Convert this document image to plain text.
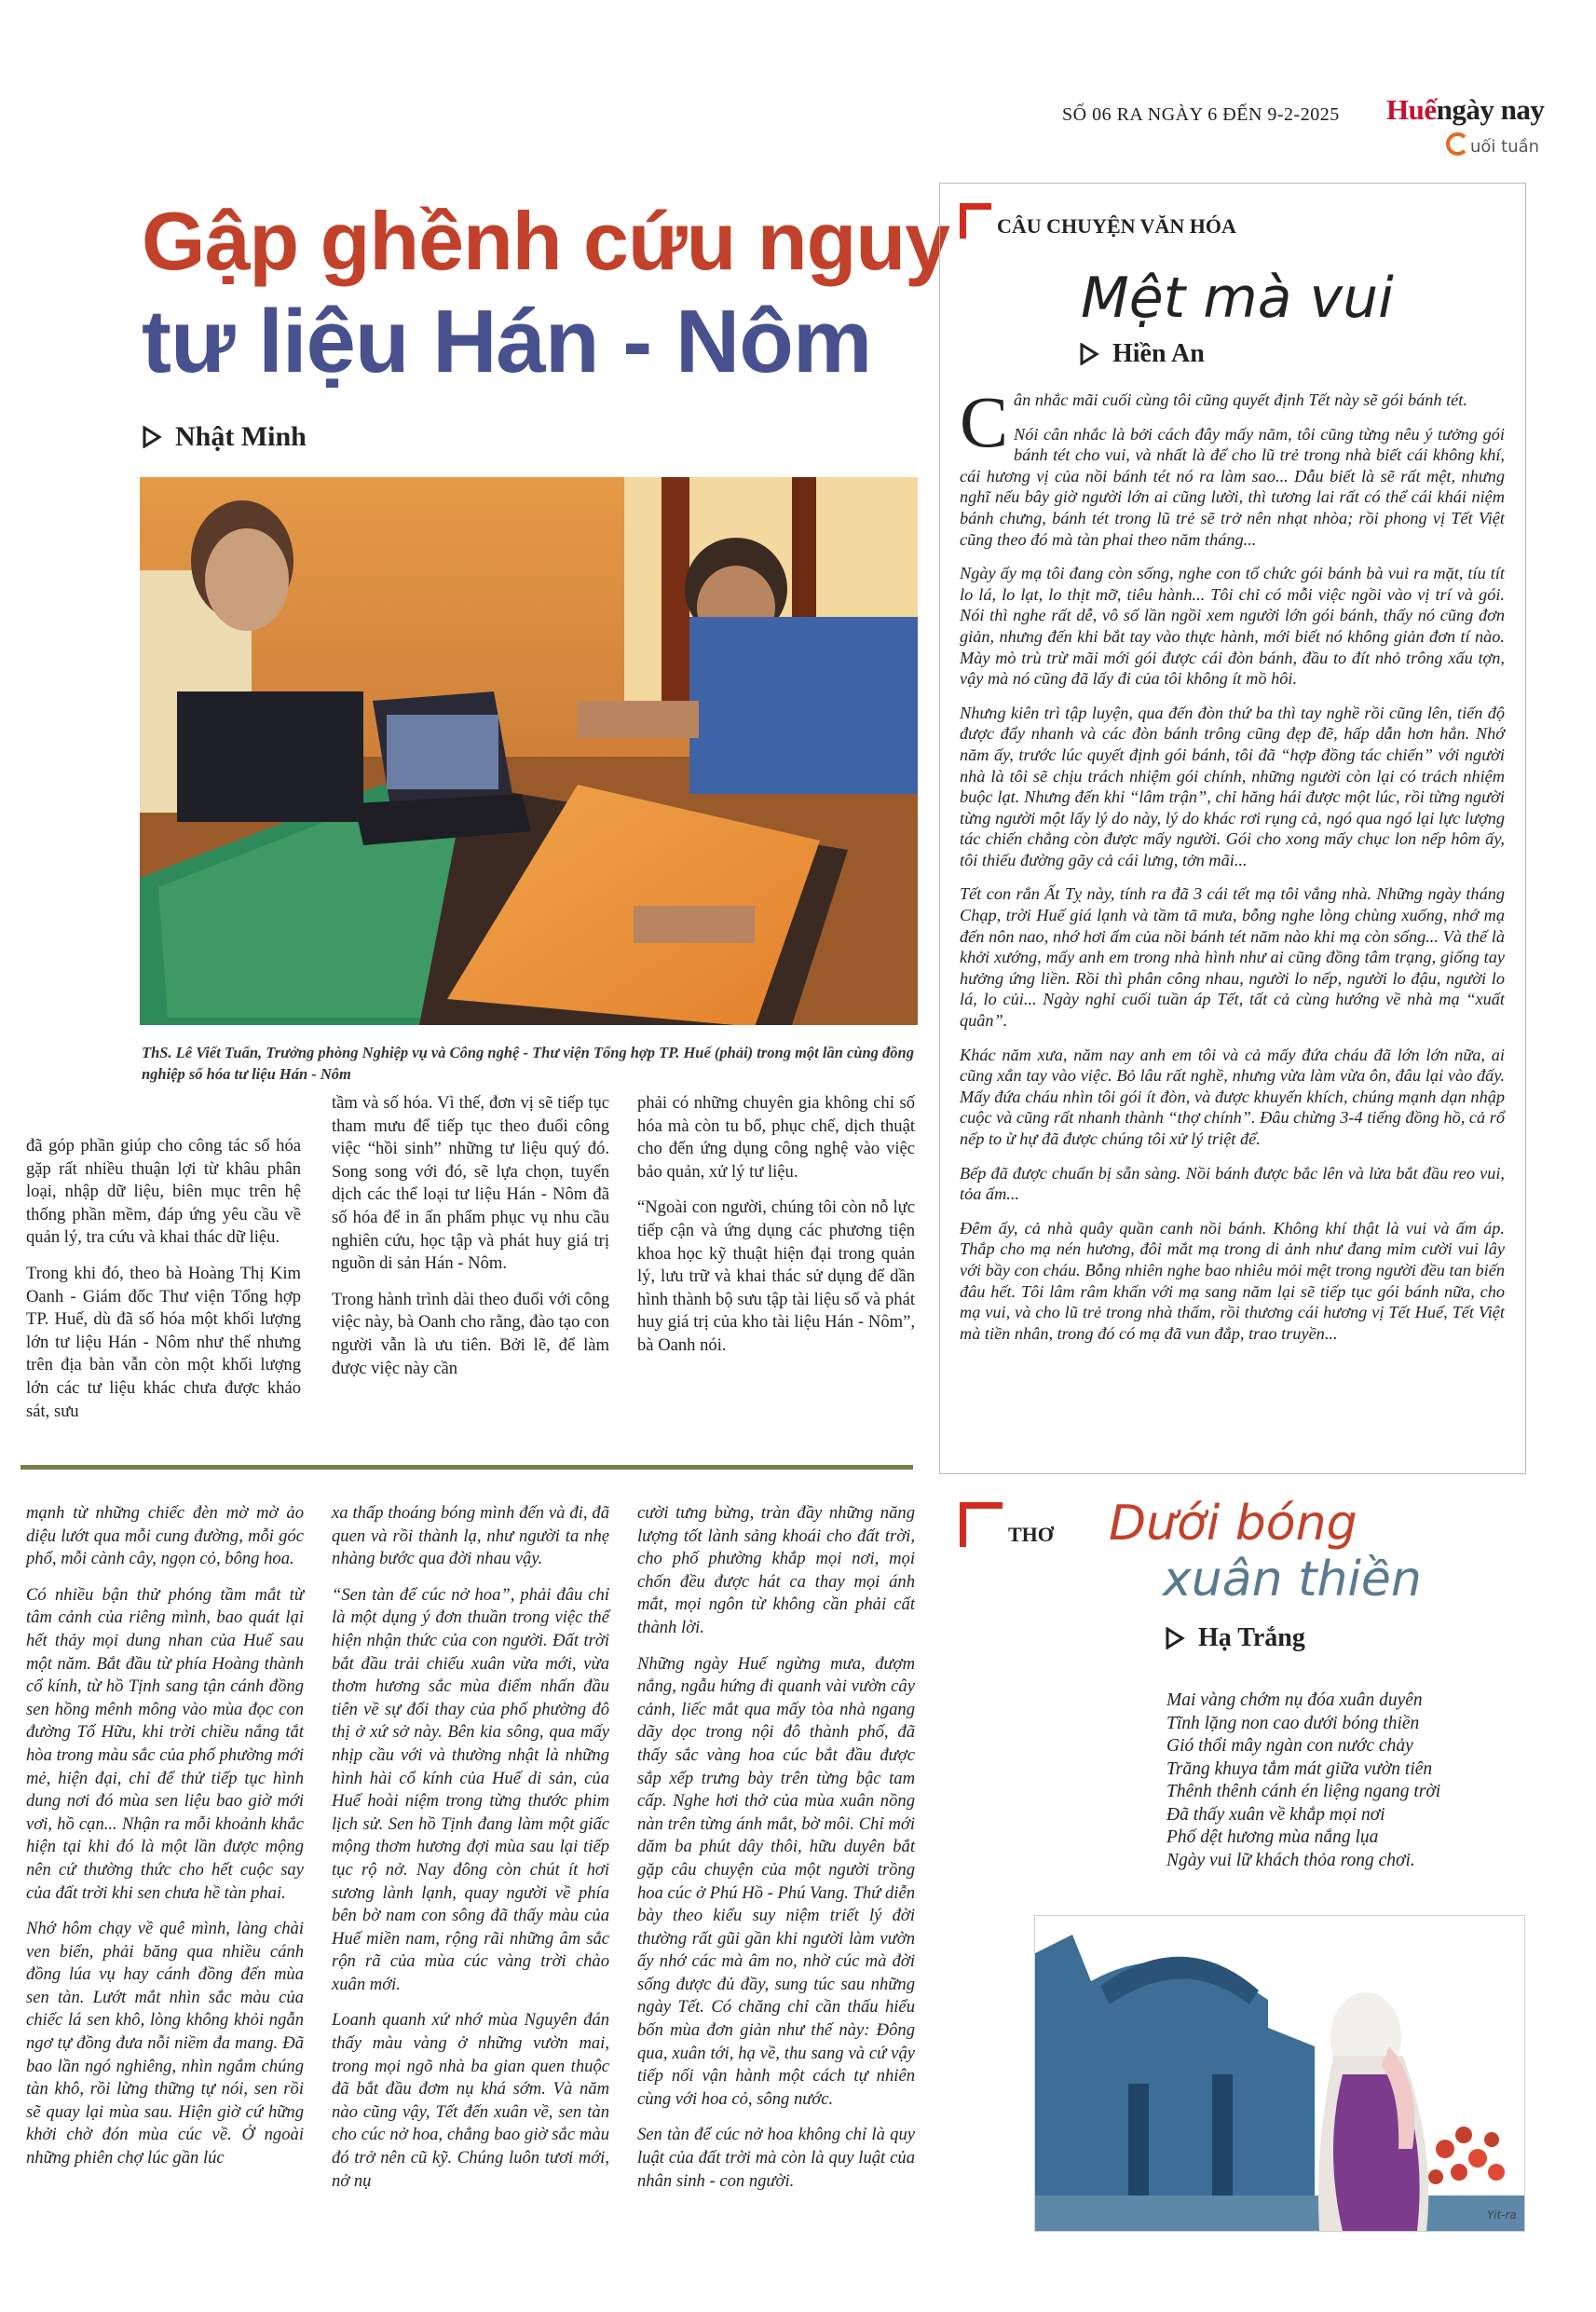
SỐ 06 RA NGÀY 6 ĐẾN 9-2-2025 Huếngày nay
uối tuần
Gập ghềnh cứu nguy
tư liệu Hán - Nôm
Nhật Minh
ThS. Lê Viết Tuấn, Trưởng phòng Nghiệp vụ và Công nghệ - Thư viện Tổng hợp TP. Huế (phải) trong một lần cùng đồng nghiệp số hóa tư liệu Hán - Nôm

đã góp phần giúp cho công tác số hóa gặp rất nhiều thuận lợi từ khâu phân loại, nhập dữ liệu, biên mục trên hệ thống phần mềm, đáp ứng yêu cầu về quản lý, tra cứu và khai thác dữ liệu.

Trong khi đó, theo bà Hoàng Thị Kim Oanh - Giám đốc Thư viện Tổng hợp TP. Huế, dù đã số hóa một khối lượng lớn tư liệu Hán - Nôm như thế nhưng trên địa bàn vẫn còn một khối lượng lớn các tư liệu khác chưa được khảo sát, sưu

tầm và số hóa. Vì thế, đơn vị sẽ tiếp tục tham mưu để tiếp tục theo đuổi công việc “hồi sinh” những tư liệu quý đó. Song song với đó, sẽ lựa chọn, tuyển dịch các thể loại tư liệu Hán - Nôm đã số hóa để in ấn phẩm phục vụ nhu cầu nghiên cứu, học tập và phát huy giá trị nguồn di sản Hán - Nôm.

Trong hành trình dài theo đuổi với công việc này, bà Oanh cho rằng, đào tạo con người vẫn là ưu tiên. Bởi lẽ, để làm được việc này cần

phải có những chuyên gia không chỉ số hóa mà còn tu bổ, phục chế, dịch thuật cho đến ứng dụng công nghệ vào việc bảo quản, xử lý tư liệu.

“Ngoài con người, chúng tôi còn nỗ lực tiếp cận và ứng dụng các phương tiện khoa học kỹ thuật hiện đại trong quản lý, lưu trữ và khai thác sử dụng để dần hình thành bộ sưu tập tài liệu số và phát huy giá trị của kho tài liệu Hán - Nôm”, bà Oanh nói.

CÂU CHUYỆN VĂN HÓA
Mệt mà vui
Hiền An

Cân nhắc mãi cuối cùng tôi cũng quyết định Tết này sẽ gói bánh tét.

Nói cân nhắc là bởi cách đây mấy năm, tôi cũng từng nêu ý tưởng gói bánh tét cho vui, và nhất là để cho lũ trẻ trong nhà biết cái không khí, cái hương vị của nồi bánh tét nó ra làm sao... Dẫu biết là sẽ rất mệt, nhưng nghĩ nếu bây giờ người lớn ai cũng lười, thì tương lai rất có thể cái khái niệm bánh chưng, bánh tét trong lũ trẻ sẽ trở nên nhạt nhòa; rồi phong vị Tết Việt cũng theo đó mà tàn phai theo năm tháng...

Ngày ấy mạ tôi đang còn sống, nghe con tổ chức gói bánh bà vui ra mặt, tíu tít lo lá, lo lạt, lo thịt mỡ, tiêu hành... Tôi chỉ có mỗi việc ngồi vào vị trí và gói. Nói thì nghe rất dễ, vô số lần ngồi xem người lớn gói bánh, thấy nó cũng đơn giản, nhưng đến khi bắt tay vào thực hành, mới biết nó không giản đơn tí nào. Mày mò trù trừ mãi mới gói được cái đòn bánh, đầu to đít nhỏ trông xấu tợn, vậy mà nó cũng đã lấy đi của tôi không ít mồ hôi.

Nhưng kiên trì tập luyện, qua đến đòn thứ ba thì tay nghề rồi cũng lên, tiến độ được đẩy nhanh và các đòn bánh trông cũng đẹp đẽ, hấp dẫn hơn hẳn. Nhớ năm ấy, trước lúc quyết định gói bánh, tôi đã “hợp đồng tác chiến” với người nhà là tôi sẽ chịu trách nhiệm gói chính, những người còn lại có trách nhiệm buộc lạt. Nhưng đến khi “lâm trận”, chỉ hăng hái được một lúc, rồi từng người từng người một lấy lý do này, lý do khác rơi rụng cả, ngó qua ngó lại lực lượng tác chiến chẳng còn được mấy người. Gói cho xong mấy chục lon nếp hôm ấy, tôi thiếu đường gãy cả cái lưng, tởn mãi...

Tết con rắn Ất Tỵ này, tính ra đã 3 cái tết mạ tôi vắng nhà. Những ngày tháng Chạp, trời Huế giá lạnh và tầm tã mưa, bỗng nghe lòng chùng xuống, nhớ mạ đến nôn nao, nhớ hơi ấm của nồi bánh tét năm nào khi mạ còn sống... Và thế là khởi xướng, mấy anh em trong nhà hình như ai cũng đồng tâm trạng, giống tay hưởng ứng liền. Rồi thì phân công nhau, người lo nếp, người lo đậu, người lo lá, lo củi... Ngày nghỉ cuối tuần áp Tết, tất cả cùng hướng về nhà mạ “xuất quân”.

Khác năm xưa, năm nay anh em tôi và cả mấy đứa cháu đã lớn lớn nữa, ai cũng xắn tay vào việc. Bỏ lâu rất nghề, nhưng vừa làm vừa ôn, đâu lại vào đấy. Mấy đứa cháu nhìn tôi gói ít đòn, và được khuyến khích, chúng mạnh dạn nhập cuộc và cũng rất nhanh thành “thợ chính”. Đâu chừng 3-4 tiếng đồng hồ, cả rổ nếp to ừ hự đã được chúng tôi xử lý triệt để.

Bếp đã được chuẩn bị sẵn sàng. Nồi bánh được bắc lên và lửa bắt đầu reo vui, tỏa ấm...

Đêm ấy, cả nhà quây quần canh nồi bánh. Không khí thật là vui và ấm áp. Thắp cho mạ nén hương, đôi mắt mạ trong di ảnh như đang mỉm cười vui lây với bầy con cháu. Bỗng nhiên nghe bao nhiêu mỏi mệt trong người đều tan biến đâu hết. Tôi lâm râm khấn với mạ sang năm lại sẽ tiếp tục gói bánh nữa, cho mạ vui, và cho lũ trẻ trong nhà thấm, rồi thương cái hương vị Tết Huế, Tết Việt mà tiền nhân, trong đó có mạ đã vun đắp, trao truyền...

mạnh từ những chiếc đèn mờ mờ ảo diệu lướt qua mỗi cung đường, mỗi góc phố, mỗi cành cây, ngọn cỏ, bông hoa.

Có nhiều bận thử phóng tầm mắt từ tâm cảnh của riêng mình, bao quát lại hết thảy mọi dung nhan của Huế sau một năm. Bắt đầu từ phía Hoàng thành cổ kính, từ hồ Tịnh sang tận cánh đồng sen hồng mênh mông vào mùa đọc con đường Tố Hữu, khi trời chiều nắng tắt hòa trong màu sắc của phố phường mới mẻ, hiện đại, chỉ để thử tiếp tục hình dung nơi đó mùa sen liệu bao giờ mới vơi, hồ cạn... Nhận ra mỗi khoảnh khắc hiện tại khi đó là một lần được mộng nên cứ thường thức cho hết cuộc say của đất trời khi sen chưa hề tàn phai.

Nhớ hôm chạy về quê mình, làng chài ven biển, phải băng qua nhiều cánh đồng lúa vụ hay cánh đồng đến mùa sen tàn. Lướt mắt nhìn sắc màu của chiếc lá sen khô, lòng không khỏi ngẫn ngơ tự đồng đưa nỗi niềm đa mang. Đã bao lần ngó nghiêng, nhìn ngắm chúng tàn khô, rồi lừng thững tự nói, sen rồi sẽ quay lại mùa sau. Hiện giờ cứ hững khởi chờ đón mùa cúc về. Ở ngoài những phiên chợ lúc gần lúc

xa thấp thoáng bóng mình đến và đi, đã quen và rồi thành lạ, như người ta nhẹ nhàng bước qua đời nhau vậy.

“Sen tàn để cúc nở hoa”, phải đâu chỉ là một dụng ý đơn thuần trong việc thể hiện nhận thức của con người. Đất trời bắt đầu trải chiếu xuân vừa mới, vừa thơm hương sắc mùa điểm nhấn đầu tiên về sự đổi thay của phố phường đô thị ở xứ sở này. Bên kia sông, qua mấy nhịp cầu với và thường nhật là những hình hài cổ kính của Huế di sản, của Huế hoài niệm trong từng thước phim lịch sử. Sen hồ Tịnh đang làm một giấc mộng thơm hương đợi mùa sau lại tiếp tục rộ nở. Nay đông còn chút ít hơi sương lành lạnh, quay người về phía bên bờ nam con sông đã thấy màu của Huế miền nam, rộng rãi những âm sắc rộn rã của mùa cúc vàng trời chào xuân mới.

Loanh quanh xứ nhớ mùa Nguyên đán thấy màu vàng ở những vườn mai, trong mọi ngõ nhà ba gian quen thuộc đã bắt đầu đơm nụ khá sớm. Và năm nào cũng vậy, Tết đến xuân về, sen tàn cho cúc nở hoa, chẳng bao giờ sắc màu đó trở nên cũ kỹ. Chúng luôn tươi mới, nở nụ

cười tưng bừng, tràn đầy những năng lượng tốt lành sảng khoái cho đất trời, cho phố phường khắp mọi nơi, mọi chốn đều được hát ca thay mọi ánh mắt, mọi ngôn từ không cần phải cất thành lời.

Những ngày Huế ngừng mưa, đượm nắng, ngẫu hứng đi quanh vài vườn cây cảnh, liếc mắt qua mấy tòa nhà ngang dãy dọc trong nội đô thành phố, đã thấy sắc vàng hoa cúc bắt đầu được sắp xếp trưng bày trên từng bậc tam cấp. Nghe hơi thở của mùa xuân nồng nàn trên từng ánh mắt, bờ môi. Chỉ mới dăm ba phút dây thôi, hữu duyên bắt gặp câu chuyện của một người trồng hoa cúc ở Phú Hồ - Phú Vang. Thứ diễn bày theo kiểu suy niệm triết lý đời thường rất gũi gần khi người làm vườn ấy nhớ các mà âm no, nhờ cúc mà đời sống được đủ đầy, sung túc sau những ngày Tết. Có chăng chỉ cần thấu hiểu bốn mùa đơn giản như thế này: Đông qua, xuân tới, hạ về, thu sang và cứ vậy tiếp nối vận hành một cách tự nhiên cùng với hoa cỏ, sông nước.

Sen tàn để cúc nở hoa không chỉ là quy luật của đất trời mà còn là quy luật của nhân sinh - con người.

THƠ Dưới bóng
xuân thiền
Hạ Trắng
Mai vàng chớm nụ đóa xuân duyên
Tĩnh lặng non cao dưới bóng thiền
Gió thổi mây ngàn con nước chảy
Trăng khuya tắm mát giữa vườn tiên
Thênh thênh cánh én liệng ngang trời
Đã thấy xuân về khắp mọi nơi
Phố dệt hương mùa nắng lụa
Ngày vui lữ khách thỏa rong chơi.
Yit-ra
